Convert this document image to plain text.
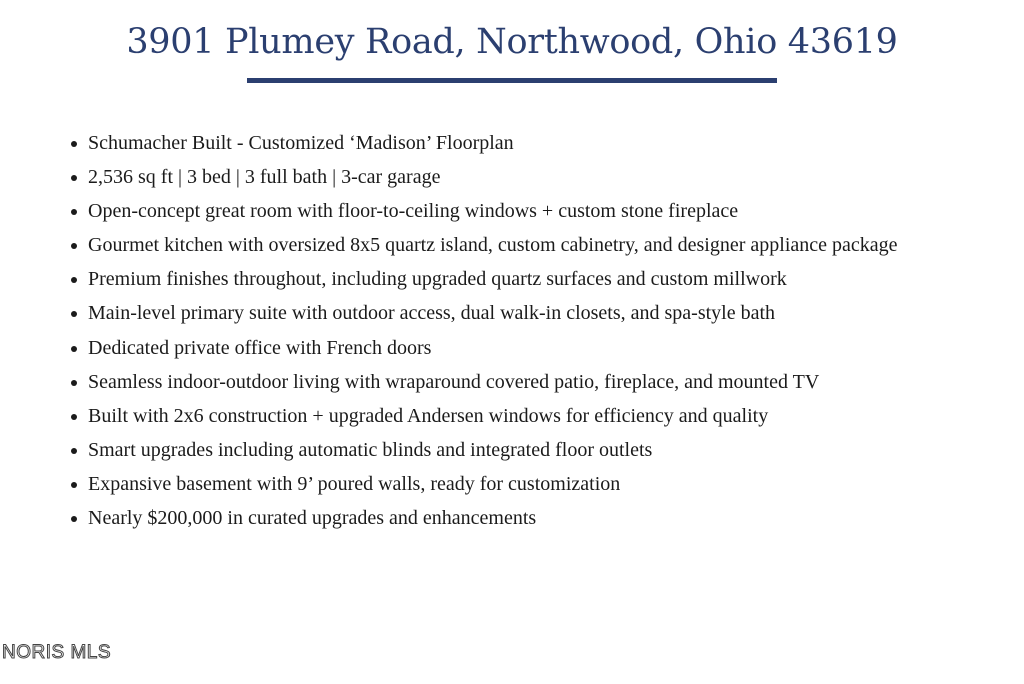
3901 Plumey Road, Northwood, Ohio 43619
Schumacher Built - Customized ‘Madison’ Floorplan
2,536 sq ft | 3 bed | 3 full bath | 3-car garage
Open-concept great room with floor-to-ceiling windows + custom stone fireplace
Gourmet kitchen with oversized 8x5 quartz island, custom cabinetry, and designer appliance package
Premium finishes throughout, including upgraded quartz surfaces and custom millwork
Main-level primary suite with outdoor access, dual walk-in closets, and spa-style bath
Dedicated private office with French doors
Seamless indoor-outdoor living with wraparound covered patio, fireplace, and mounted TV
Built with 2x6 construction + upgraded Andersen windows for efficiency and quality
Smart upgrades including automatic blinds and integrated floor outlets
Expansive basement with 9’ poured walls, ready for customization
Nearly $200,000 in curated upgrades and enhancements
NORIS MLS
